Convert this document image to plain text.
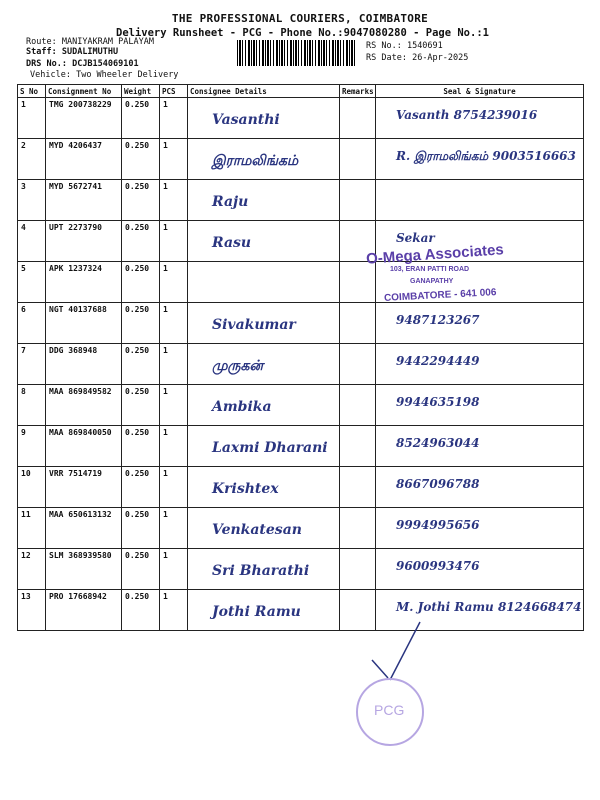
THE PROFESSIONAL COURIERS, COIMBATORE
Delivery Runsheet - PCG - Phone No.:9047080280 - Page No.:1
Route: MANIYAKRAM PALAYAM
Staff: SUDALIMUTHU
DRS No.: DCJB154069101
Vehicle: Two Wheeler Delivery
RS No.: 1540691
RS Date: 26-Apr-2025
S No	Consignment No	Weight	PCS	Consignee Details	Remarks	Seal & Signature
1	TMG 200738229	0.250	1	Vasanthi		Vasanth 8754239016

2	MYD 4206437	0.250	1	இராமலிங்கம்		R. இராமலிங்கம் 9003516663

3	MYD 5672741	0.250	1	Raju		

4	UPT 2273790	0.250	1	Rasu		Sekar

5	APK 1237324	0.250	1	

6	NGT 40137688	0.250	1	Sivakumar		9487123267

7	DDG 368948	0.250	1	முருகன்		9442294449

8	MAA 869849582	0.250	1	Ambika		9944635198

9	MAA 869840050	0.250	1	Laxmi Dharani		8524963044

10	VRR 7514719	0.250	1	Krishtex		8667096788

11	MAA 650613132	0.250	1	Venkatesan		9994995656

12	SLM 368939580	0.250	1	Sri Bharathi		9600993476

13	PRO 17668942	0.250	1	Jothi Ramu		M. Jothi Ramu 8124668474
O-Mega Associates
103, ERAN PATTI ROAD
GANAPATHY
COIMBATORE - 641 006
PCG
